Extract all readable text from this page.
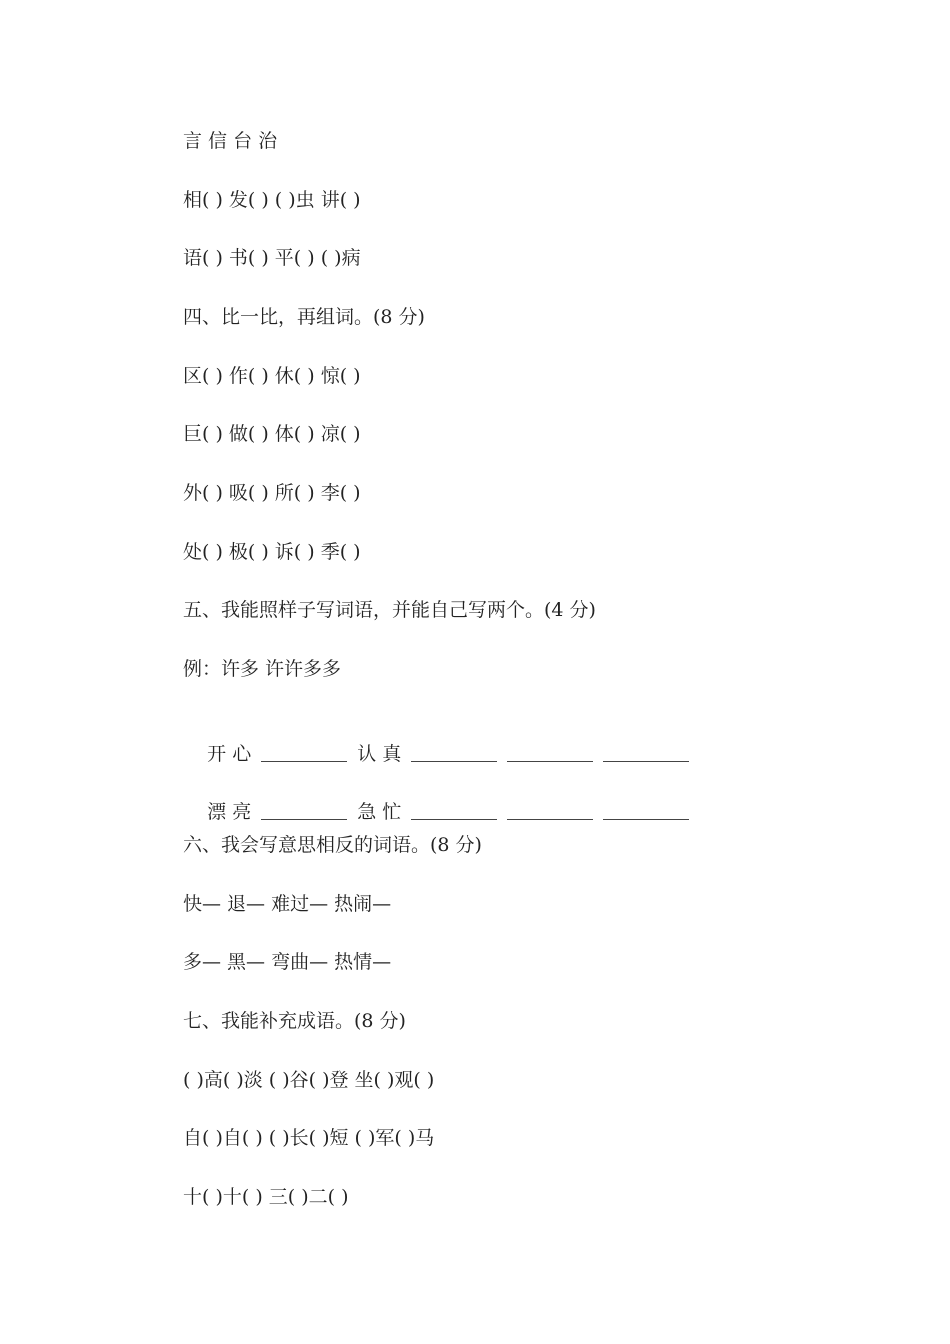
言 信 台 治
相( ) 发( ) ( )虫 讲( )
语( ) 书( ) 平( ) ( )病
四、比一比，再组词。(8 分)
区( ) 作( ) 休( ) 惊( )
巨( ) 做( ) 体( ) 凉( )
外( ) 吸( ) 所( ) 李( )
处( ) 极( ) 诉( ) 季( )
五、我能照样子写词语，并能自己写两个。(4 分)
例：许多 许许多多

开 心	认 真

漂 亮	急 忙

六、我会写意思相反的词语。(8 分)
快— 退— 难过— 热闹—
多— 黑— 弯曲— 热情—
七、我能补充成语。(8 分)
( )高( )淡 ( )谷( )登 坐( )观( )
自( )自( ) ( )长( )短 ( )军( )马
十( )十( ) 三( )二( )
